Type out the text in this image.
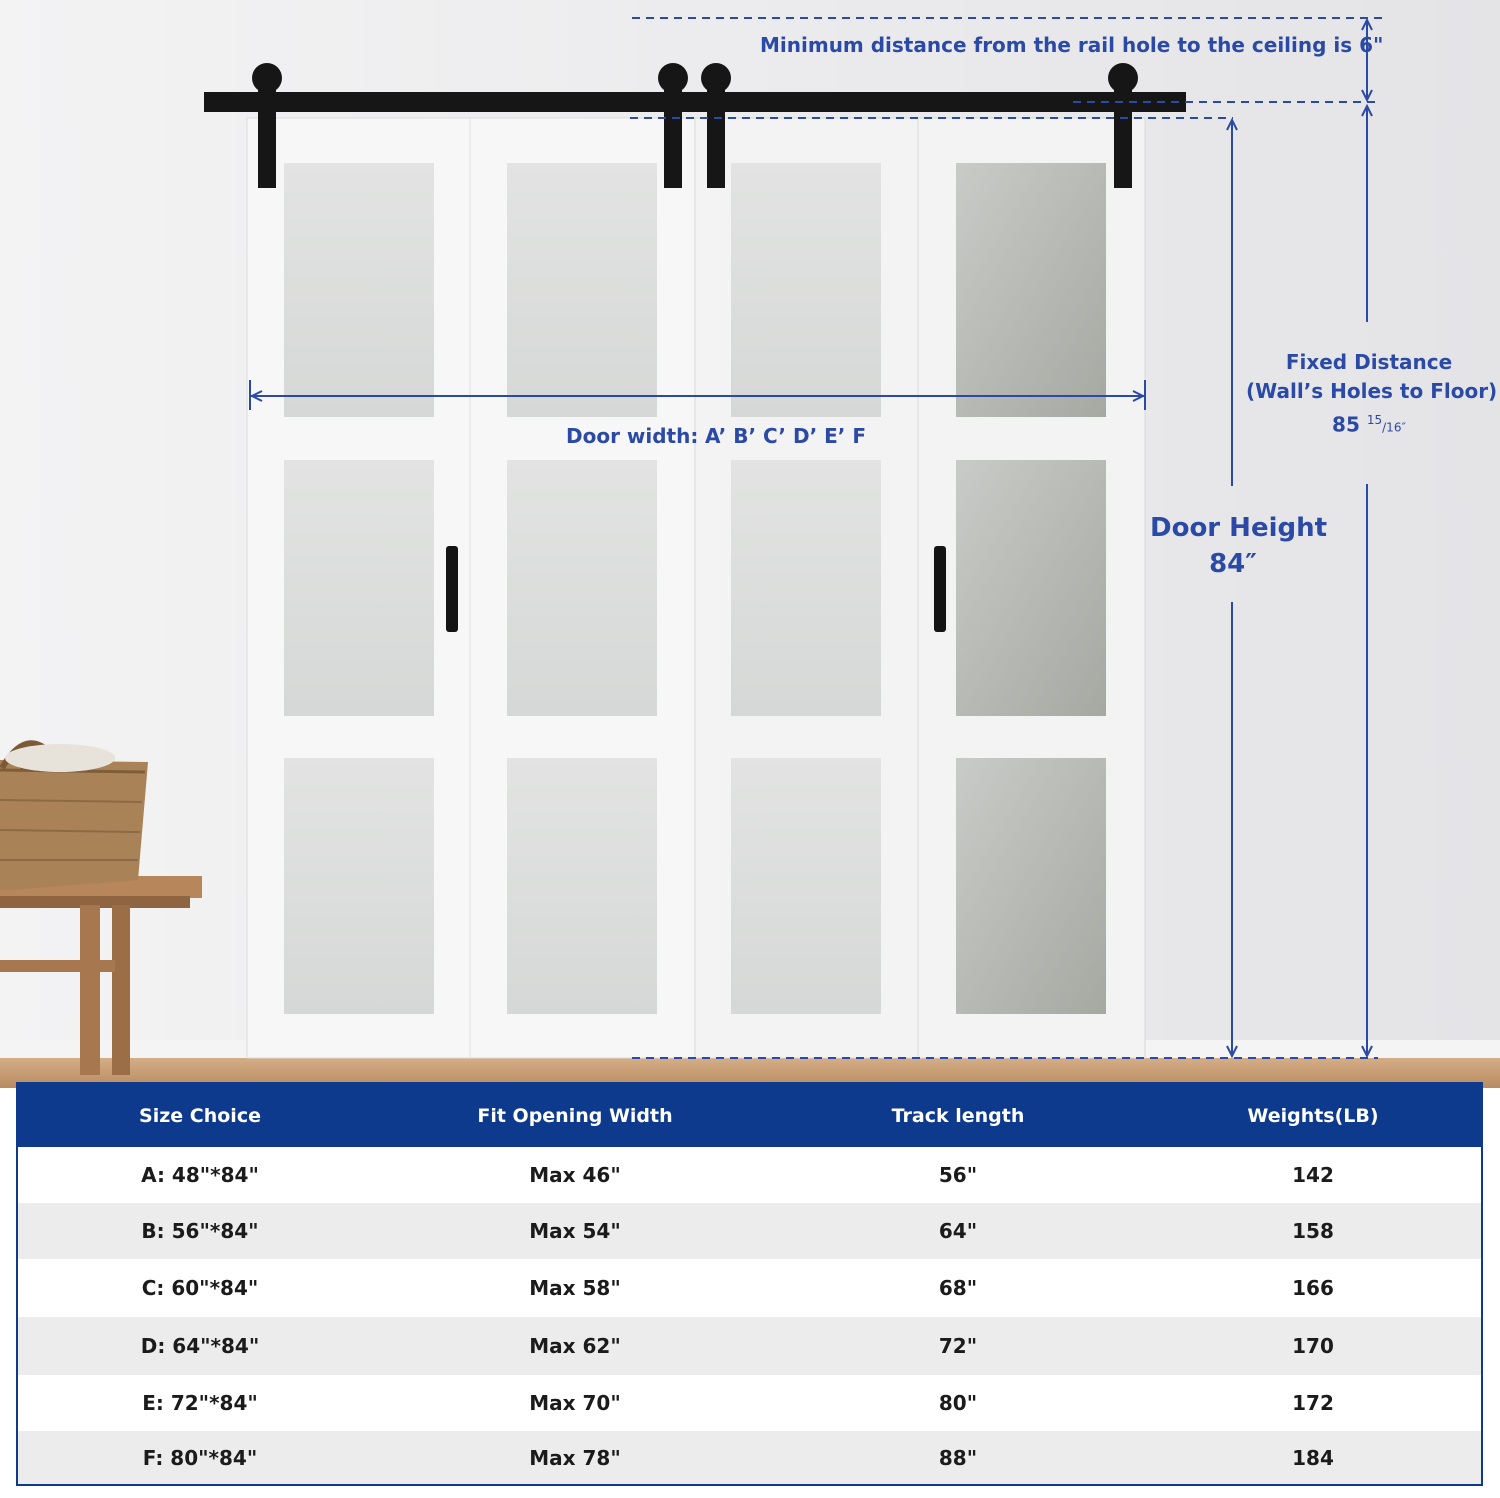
Minimum distance from the rail hole to the ceiling is 6"
Door width: A’ B’ C’ D’ E’ F
Fixed Distance
(Wall’s Holes to Floor)
85 $^{15}$/16″
Door Height
84″
Size Choice	Fit Opening Width	Track length	Weights(LB)
A: 48"*84"	Max 46"	56"	142
B: 56"*84"	Max 54"	64"	158
C: 60"*84"	Max 58"	68"	166
D: 64"*84"	Max 62"	72"	170
E: 72"*84"	Max 70"	80"	172
F: 80"*84"	Max 78"	88"	184
